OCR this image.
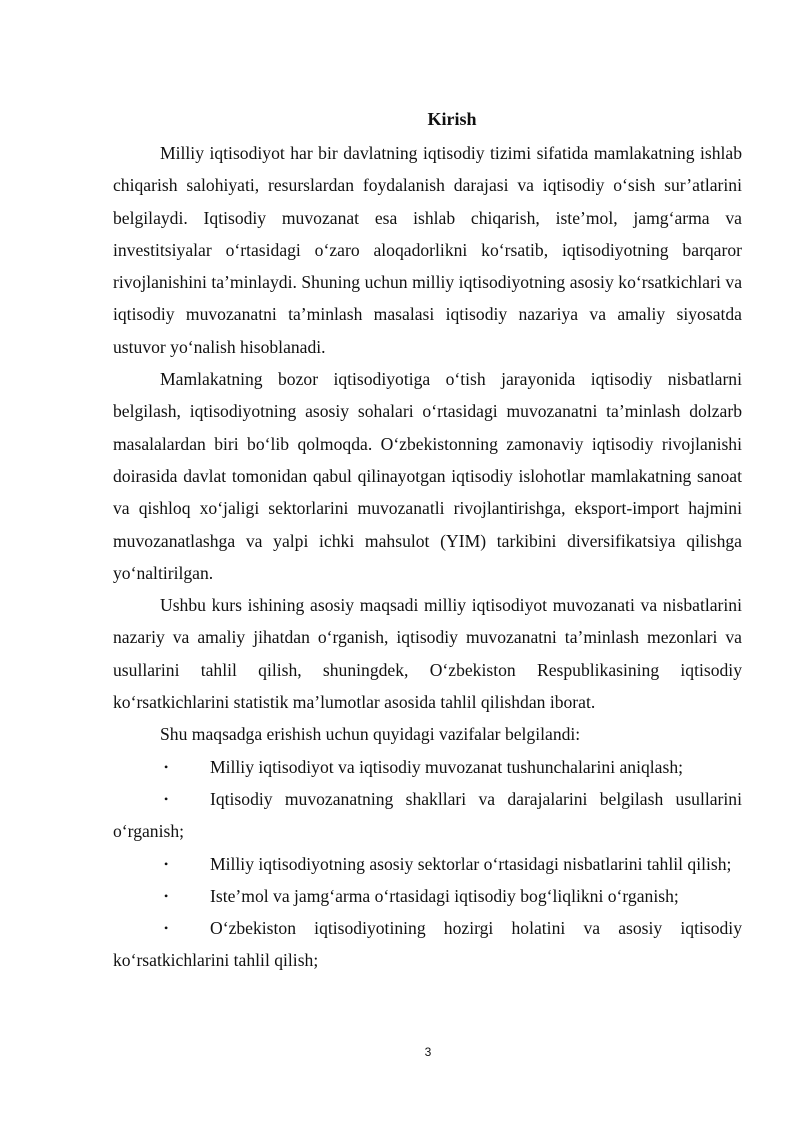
Kirish

Milliy iqtisodiyot har bir davlatning iqtisodiy tizimi sifatida mamlakatning ishlab chiqarish salohiyati, resurslardan foydalanish darajasi va iqtisodiy o‘sish sur’atlarini belgilaydi. Iqtisodiy muvozanat esa ishlab chiqarish, iste’mol, jamg‘arma va investitsiyalar o‘rtasidagi o‘zaro aloqadorlikni ko‘rsatib, iqtisodiyotning barqaror rivojlanishini ta’minlaydi. Shuning uchun milliy iqtisodiyotning asosiy ko‘rsatkichlari va iqtisodiy muvozanatni ta’minlash masalasi iqtisodiy nazariya va amaliy siyosatda ustuvor yo‘nalish hisoblanadi.

Mamlakatning bozor iqtisodiyotiga o‘tish jarayonida iqtisodiy nisbatlarni belgilash, iqtisodiyotning asosiy sohalari o‘rtasidagi muvozanatni ta’minlash dolzarb masalalardan biri bo‘lib qolmoqda. O‘zbekistonning zamonaviy iqtisodiy rivojlanishi doirasida davlat tomonidan qabul qilinayotgan iqtisodiy islohotlar mamlakatning sanoat va qishloq xo‘jaligi sektorlarini muvozanatli rivojlantirishga, eksport-import hajmini muvozanatlashga va yalpi ichki mahsulot (YIM) tarkibini diversifikatsiya qilishga yo‘naltirilgan.

Ushbu kurs ishining asosiy maqsadi milliy iqtisodiyot muvozanati va nisbatlarini nazariy va amaliy jihatdan o‘rganish, iqtisodiy muvozanatni ta’minlash mezonlari va usullarini tahlil qilish, shuningdek, O‘zbekiston Respublikasining iqtisodiy ko‘rsatkichlarini statistik ma’lumotlar asosida tahlil qilishdan iborat.

Shu maqsadga erishish uchun quyidagi vazifalar belgilandi:

• Milliy iqtisodiyot va iqtisodiy muvozanat tushunchalarini aniqlash;

• Iqtisodiy muvozanatning shakllari va darajalarini belgilash usullarini o‘rganish;

• Milliy iqtisodiyotning asosiy sektorlar o‘rtasidagi nisbatlarini tahlil qilish;

• Iste’mol va jamg‘arma o‘rtasidagi iqtisodiy bog‘liqlikni o‘rganish;

• O‘zbekiston iqtisodiyotining hozirgi holatini va asosiy iqtisodiy ko‘rsatkichlarini tahlil qilish;

3
